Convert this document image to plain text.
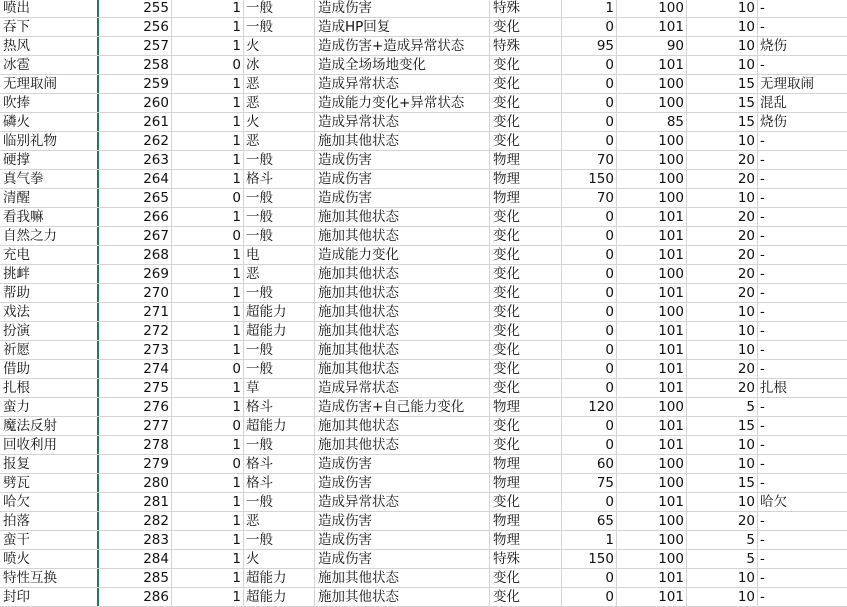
喷出	255	1 一般	造成伤害	特殊	1	100	10 -
吞下	256	1 一般	造成HP回复	变化	0	101	10 -
热风	257	1 火	造成伤害+造成异常状态	特殊	95	90	10 烧伤
冰雹	258	0 冰	造成全场场地变化	变化	0	101	10 -
无理取闹	259	1 恶	造成异常状态	变化	0	100	15 无理取闹
吹捧	260	1 恶	造成能力变化+异常状态	变化	0	100	15 混乱
磷火	261	1 火	造成异常状态	变化	0	85	15 烧伤
临别礼物	262	1 恶	施加其他状态	变化	0	100	10 -
硬撑	263	1 一般	造成伤害	物理	70	100	20 -
真气拳	264	1 格斗	造成伤害	物理	150	100	20 -
清醒	265	0 一般	造成伤害	物理	70	100	10 -
看我嘛	266	1 一般	施加其他状态	变化	0	101	20 -
自然之力	267	0 一般	施加其他状态	变化	0	101	20 -
充电	268	1 电	造成能力变化	变化	0	101	20 -
挑衅	269	1 恶	施加其他状态	变化	0	100	20 -
帮助	270	1 一般	施加其他状态	变化	0	101	20 -
戏法	271	1 超能力	施加其他状态	变化	0	100	10 -
扮演	272	1 超能力	施加其他状态	变化	0	101	10 -
祈愿	273	1 一般	施加其他状态	变化	0	101	10 -
借助	274	0 一般	施加其他状态	变化	0	101	20 -
扎根	275	1 草	造成异常状态	变化	0	101	20 扎根
蛮力	276	1 格斗	造成伤害+自己能力变化	物理	120	100	5 -
魔法反射	277	0 超能力	施加其他状态	变化	0	101	15 -
回收利用	278	1 一般	施加其他状态	变化	0	101	10 -
报复	279	0 格斗	造成伤害	物理	60	100	10 -
劈瓦	280	1 格斗	造成伤害	物理	75	100	15 -
哈欠	281	1 一般	造成异常状态	变化	0	101	10 哈欠
拍落	282	1 恶	造成伤害	物理	65	100	20 -
蛮干	283	1 一般	造成伤害	物理	1	100	5 -
喷火	284	1 火	造成伤害	特殊	150	100	5 -
特性互换	285	1 超能力	施加其他状态	变化	0	101	10 -
封印	286	1 超能力	施加其他状态	变化	0	101	10 -
